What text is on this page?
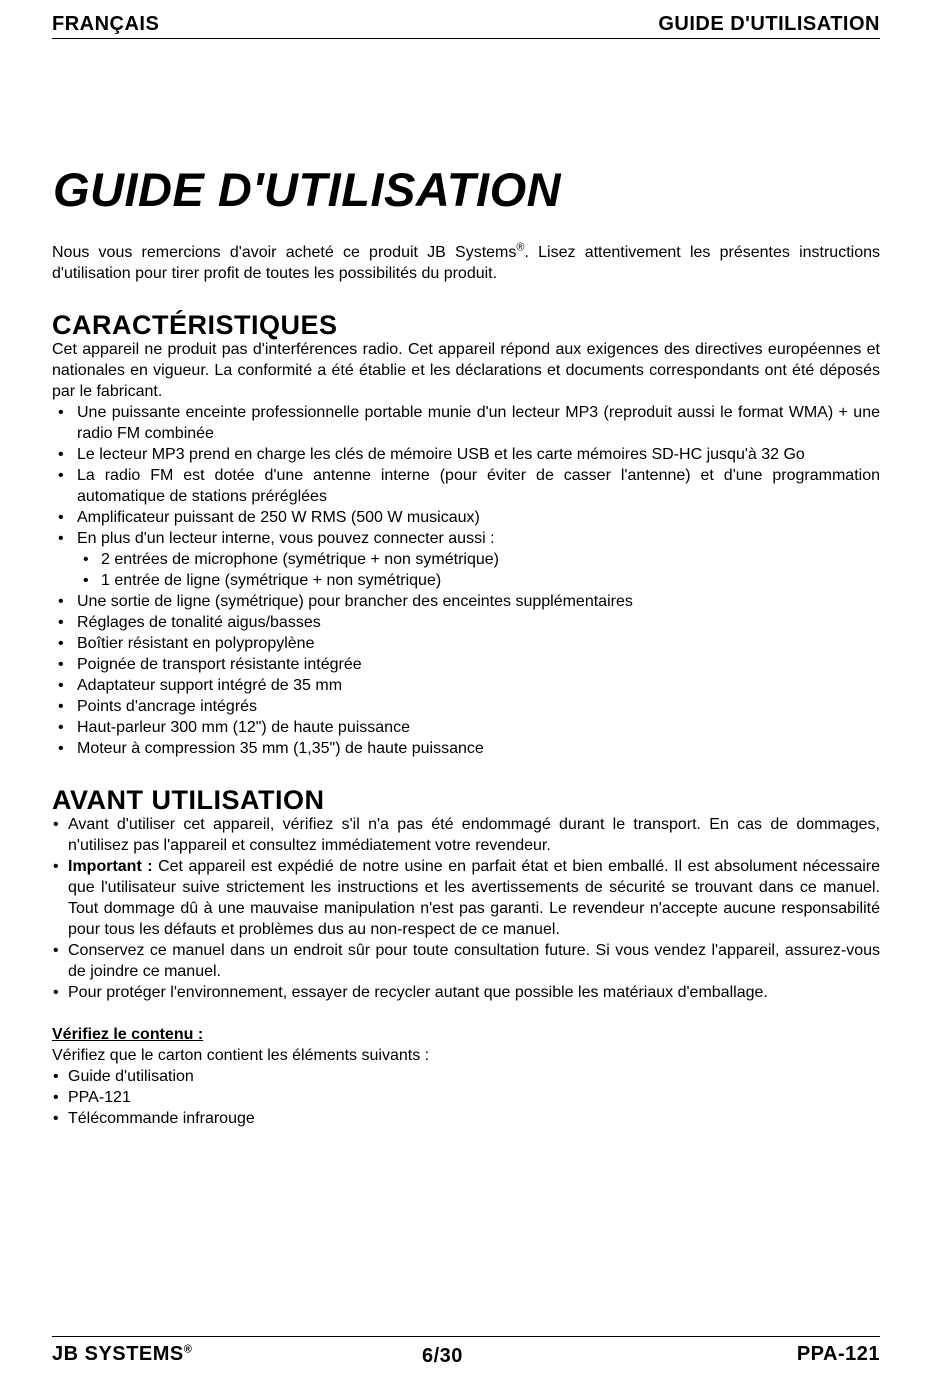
FRANÇAIS	GUIDE D'UTILISATION
GUIDE D'UTILISATION

Nous vous remercions d'avoir acheté ce produit JB Systems®. Lisez attentivement les présentes instructions d'utilisation pour tirer profit de toutes les possibilités du produit.

CARACTÉRISTIQUES

Cet appareil ne produit pas d'interférences radio. Cet appareil répond aux exigences des directives européennes et nationales en vigueur. La conformité a été établie et les déclarations et documents correspondants ont été déposés par le fabricant.

• Une puissante enceinte professionnelle portable munie d'un lecteur MP3 (reproduit aussi le format WMA) + une radio FM combinée
• Le lecteur MP3 prend en charge les clés de mémoire USB et les carte mémoires SD-HC jusqu'à 32 Go
• La radio FM est dotée d'une antenne interne (pour éviter de casser l'antenne) et d'une programmation automatique de stations préréglées
• Amplificateur puissant de 250 W RMS (500 W musicaux)
• En plus d'un lecteur interne, vous pouvez connecter aussi :
• 2 entrées de microphone (symétrique + non symétrique)
• 1 entrée de ligne (symétrique + non symétrique)
• Une sortie de ligne (symétrique) pour brancher des enceintes supplémentaires
• Réglages de tonalité aigus/basses
• Boîtier résistant en polypropylène
• Poignée de transport résistante intégrée
• Adaptateur support intégré de 35 mm
• Points d'ancrage intégrés
• Haut-parleur 300 mm (12") de haute puissance
• Moteur à compression 35 mm (1,35") de haute puissance
AVANT UTILISATION
• Avant d'utiliser cet appareil, vérifiez s'il n'a pas été endommagé durant le transport. En cas de dommages, n'utilisez pas l'appareil et consultez immédiatement votre revendeur.
• Important : Cet appareil est expédié de notre usine en parfait état et bien emballé. Il est absolument nécessaire que l'utilisateur suive strictement les instructions et les avertissements de sécurité se trouvant dans ce manuel. Tout dommage dû à une mauvaise manipulation n'est pas garanti. Le revendeur n'accepte aucune responsabilité pour tous les défauts et problèmes dus au non-respect de ce manuel.
• Conservez ce manuel dans un endroit sûr pour toute consultation future. Si vous vendez l'appareil, assurez-vous de joindre ce manuel.
• Pour protéger l'environnement, essayer de recycler autant que possible les matériaux d'emballage.

Vérifiez le contenu :

Vérifiez que le carton contient les éléments suivants :

• Guide d'utilisation
• PPA-121
• Télécommande infrarouge
JB SYSTEMS®	6/30	PPA-121
